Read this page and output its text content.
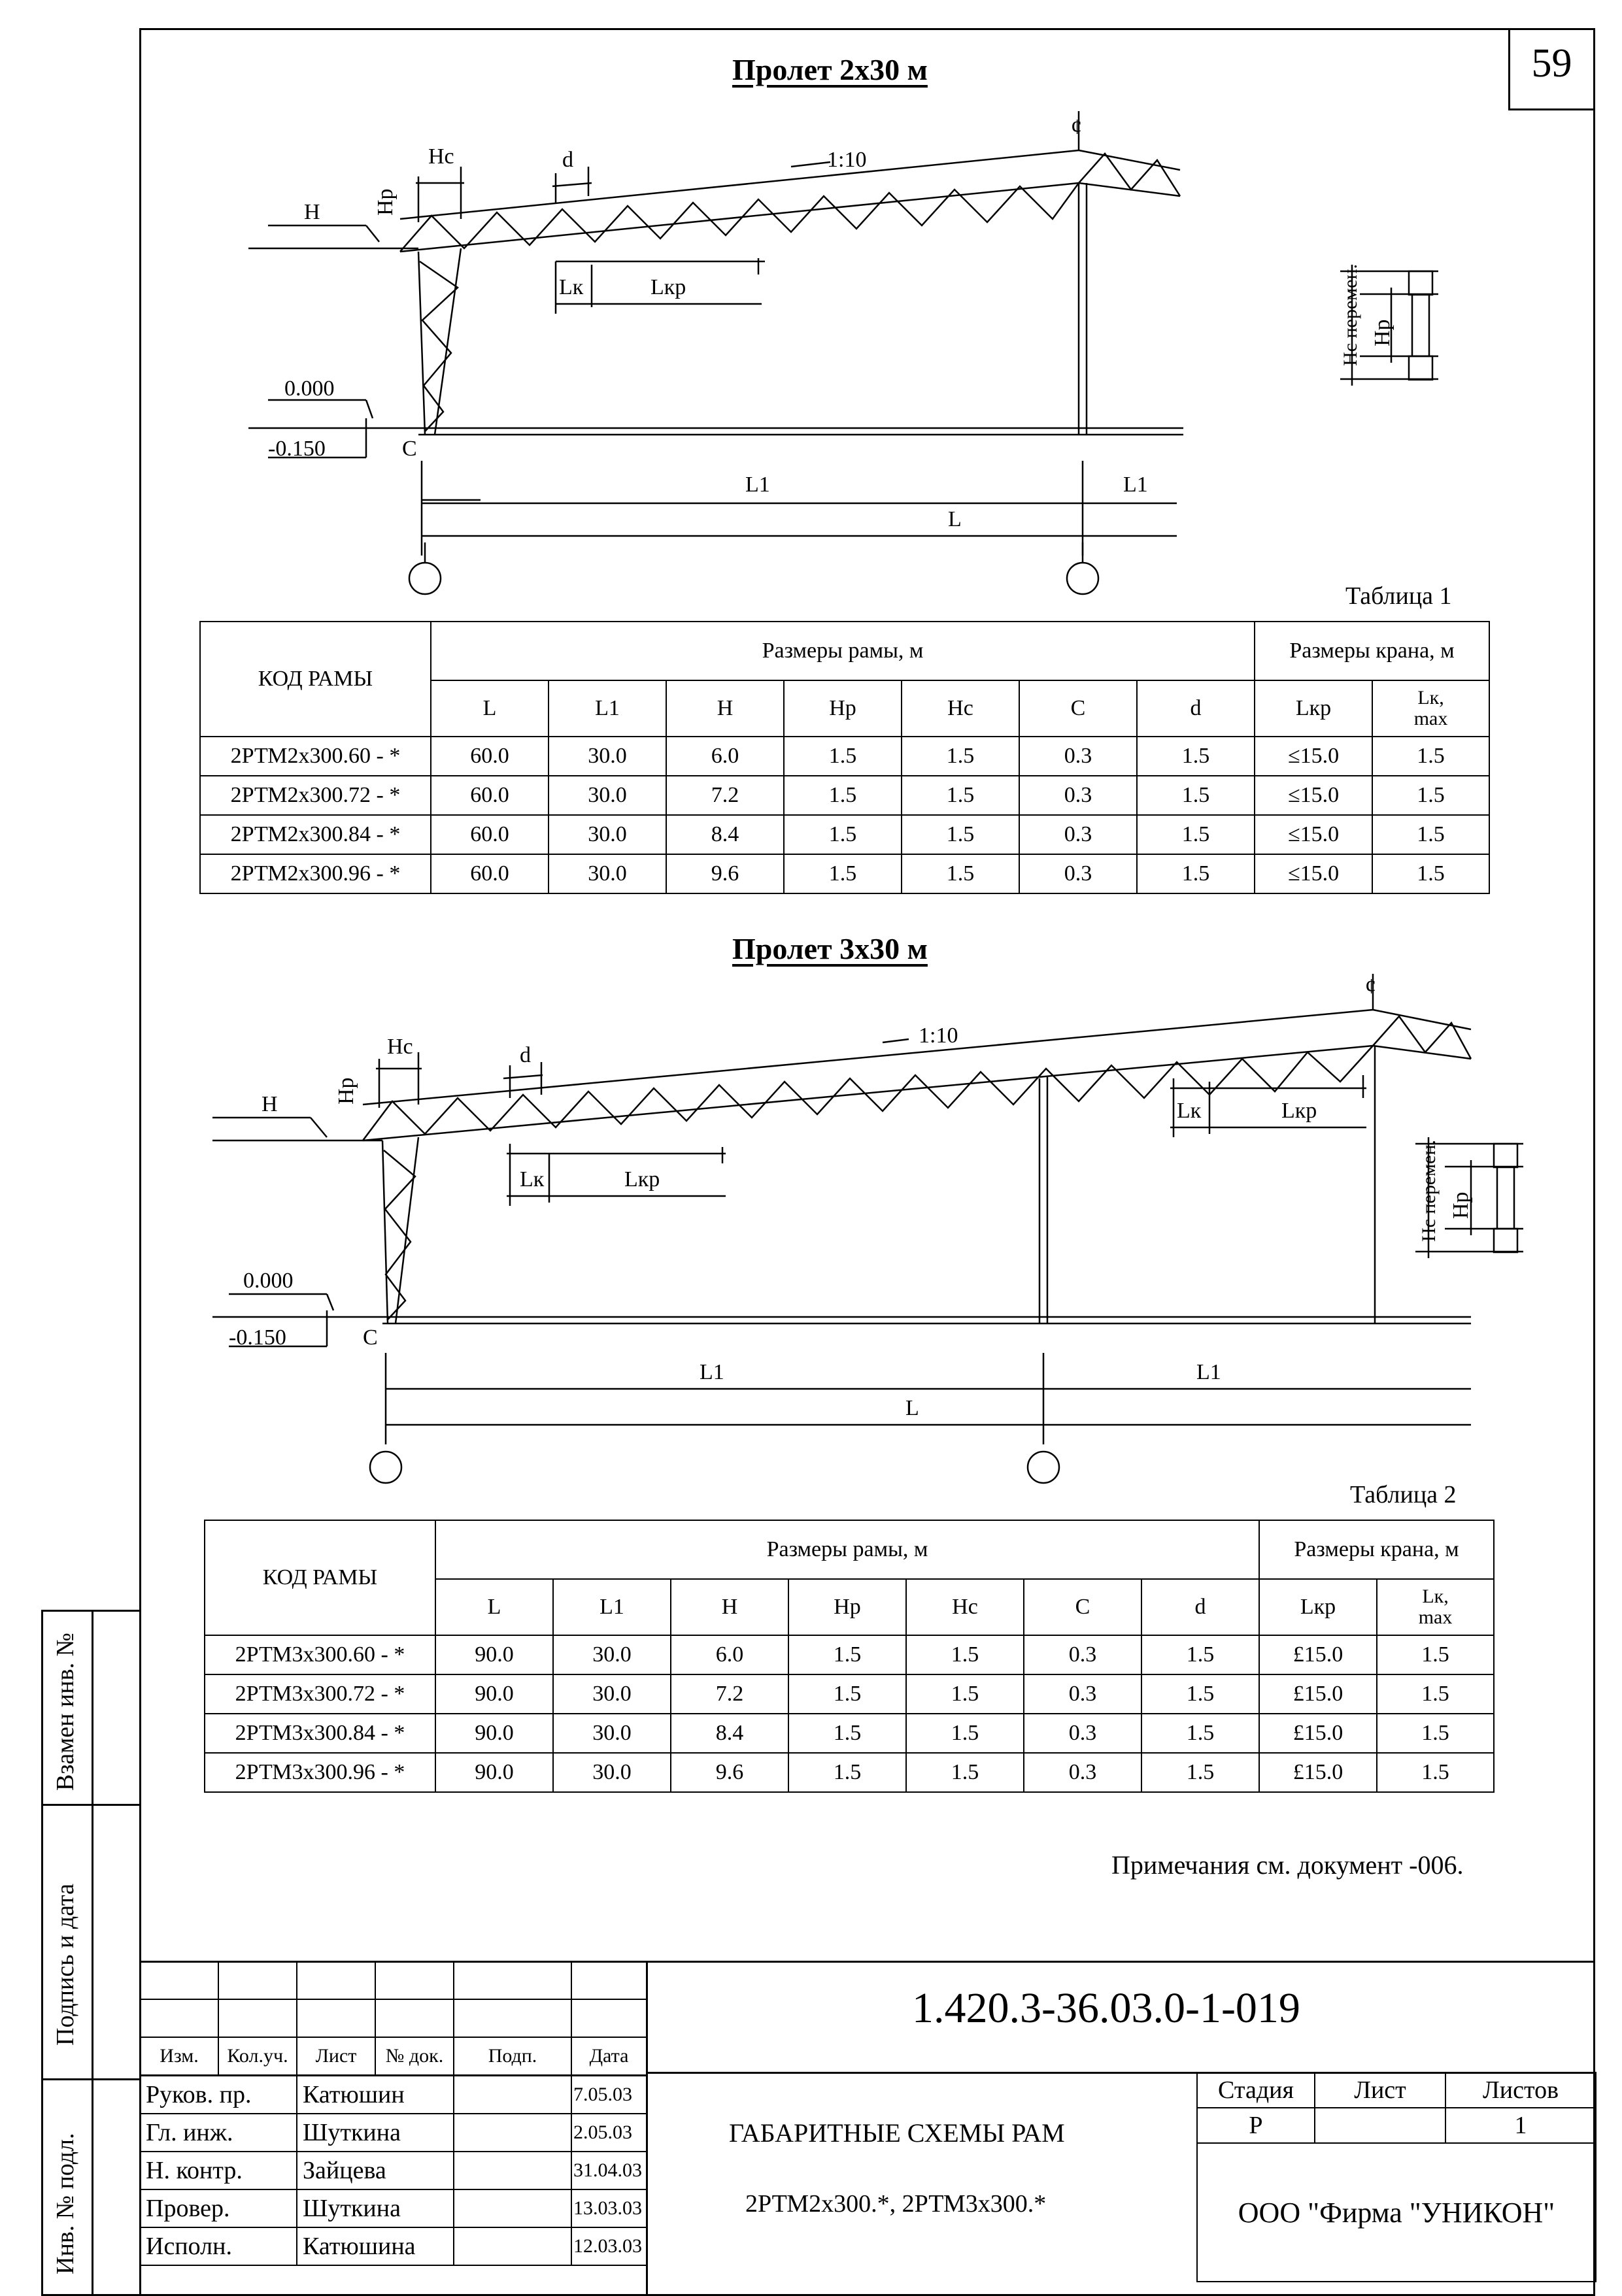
59
Взамен инв. №
Подпись и дата
Инв. № подл.
Пролет 2х30 м
Пролет 3х30 м
H Hp
Hc	d	1:10
Lк	Lкр
0.000
-0.150	C
L1	L1
L
Hc перемен. Hp
¢
H	Hp
Hc	d
1:10
Lк	Lкр
Lк	Lкр
0.000
-0.150	C
L1	L1
L
Hc перемен. Hp
¢
Таблица 1
КОД РАМЫ	Размеры рамы, м							Размеры крана, м	
	L	L1	H	Hp	Hc	C	d	Lкр	Lк,
max
2РТМ2х300.60 - *	60.0	30.0	6.0	1.5	1.5	0.3	1.5	≤15.0	1.5
2РТМ2х300.72 - *	60.0	30.0	7.2	1.5	1.5	0.3	1.5	≤15.0	1.5
2РТМ2х300.84 - *	60.0	30.0	8.4	1.5	1.5	0.3	1.5	≤15.0	1.5
2РТМ2х300.96 - *	60.0	30.0	9.6	1.5	1.5	0.3	1.5	≤15.0	1.5
Таблица 2
КОД РАМЫ	Размеры рамы, м							Размеры крана, м	
	L	L1	H	Hp	Hc	C	d	Lкр	Lк,
max
2РТМ3х300.60 - *	90.0	30.0	6.0	1.5	1.5	0.3	1.5	£15.0	1.5
2РТМ3х300.72 - *	90.0	30.0	7.2	1.5	1.5	0.3	1.5	£15.0	1.5
2РТМ3х300.84 - *	90.0	30.0	8.4	1.5	1.5	0.3	1.5	£15.0	1.5
2РТМ3х300.96 - *	90.0	30.0	9.6	1.5	1.5	0.3	1.5	£15.0	1.5
Примечания см. документ -006.

Изм.	Кол.уч.	Лист	№ док.	Подп.	Дата
Руков. пр.	Катюшин		7.05.03
Гл. инж.	Шуткина		2.05.03
Н. контр.	Зайцева		31.04.03
Провер.	Шуткина		13.03.03
Исполн.	Катюшина		12.03.03
1.420.3-36.03.0-1-019
ГАБАРИТНЫЕ СХЕМЫ РАМ
2РТМ2х300.*, 2РТМ3х300.*
Стадия	Лист	Листов
Р		1
ООО "Фирма "УНИКОН"		
